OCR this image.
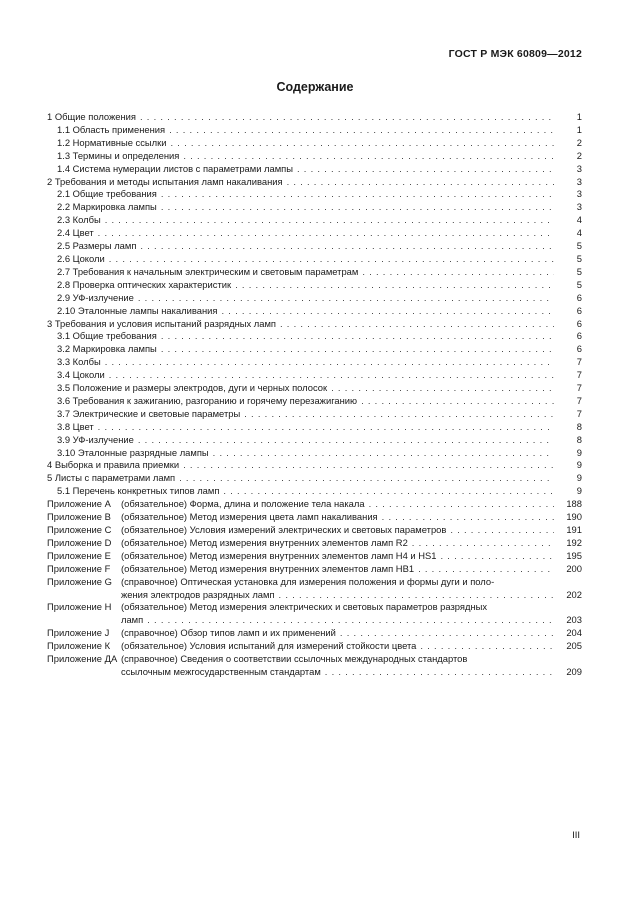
ГОСТ Р МЭК 60809—2012
Содержание
1 Общие положения . . .	1
1.1 Область применения . . .	1
1.2 Нормативные ссылки . . .	2
1.3 Термины и определения . . .	2
1.4 Система нумерации листов с параметрами лампы . . .	3
2 Требования и методы испытания ламп накаливания . . .	3
2.1 Общие требования . . .	3
2.2 Маркировка лампы . . .	3
2.3 Колбы . . .	4
2.4 Цвет . . .	4
2.5 Размеры ламп . . .	5
2.6 Цоколи . . .	5
2.7 Требования к начальным электрическим и световым параметрам . . .	5
2.8 Проверка оптических характеристик . . .	5
2.9 УФ-излучение . . .	6
2.10 Эталонные лампы накаливания . . .	6
3 Требования и условия испытаний разрядных ламп . . .	6
3.1 Общие требования . . .	6
3.2 Маркировка лампы . . .	6
3.3 Колбы . . .	7
3.4 Цоколи . . .	7
3.5 Положение и размеры электродов, дуги и черных полосок . . .	7
3.6 Требования к зажиганию, разгоранию и горячему перезажиганию . . .	7
3.7 Электрические и световые параметры . . .	7
3.8 Цвет . . .	8
3.9 УФ-излучение . . .	8
3.10 Эталонные разрядные лампы . . .	9
4 Выборка и правила приемки . . .	9
5 Листы с параметрами ламп . . .	9
5.1 Перечень конкретных типов ламп . . .	9
Приложение А	(обязательное) Форма, длина и положение тела накала . . .	188
Приложение В	(обязательное) Метод измерения цвета ламп накаливания . . .	190
Приложение С	(обязательное) Условия измерений электрических и световых параметров . . .	191
Приложение D	(обязательное) Метод измерения внутренних элементов ламп R2 . . .	192
Приложение Е	(обязательное) Метод измерения внутренних элементов ламп Н4 и HS1 . . .	195
Приложение F	(обязательное) Метод измерения внутренних элементов ламп НВ1 . . .	200
Приложение G (справочное) Оптическая установка для измерения положения и формы дуги и поло-
жения электродов разрядных ламп . . .	202
Приложение Н	(обязательное) Метод измерения электрических и световых параметров разрядных
ламп . . .	203
Приложение J	(справочное) Обзор типов ламп и их применений . . .	204
Приложение К	(обязательное) Условия испытаний для измерений стойкости цвета . . .	205
Приложение ДА (справочное) Сведения о соответствии ссылочных международных стандартов
ссылочным межгосударственным стандартам . . .	209
III
